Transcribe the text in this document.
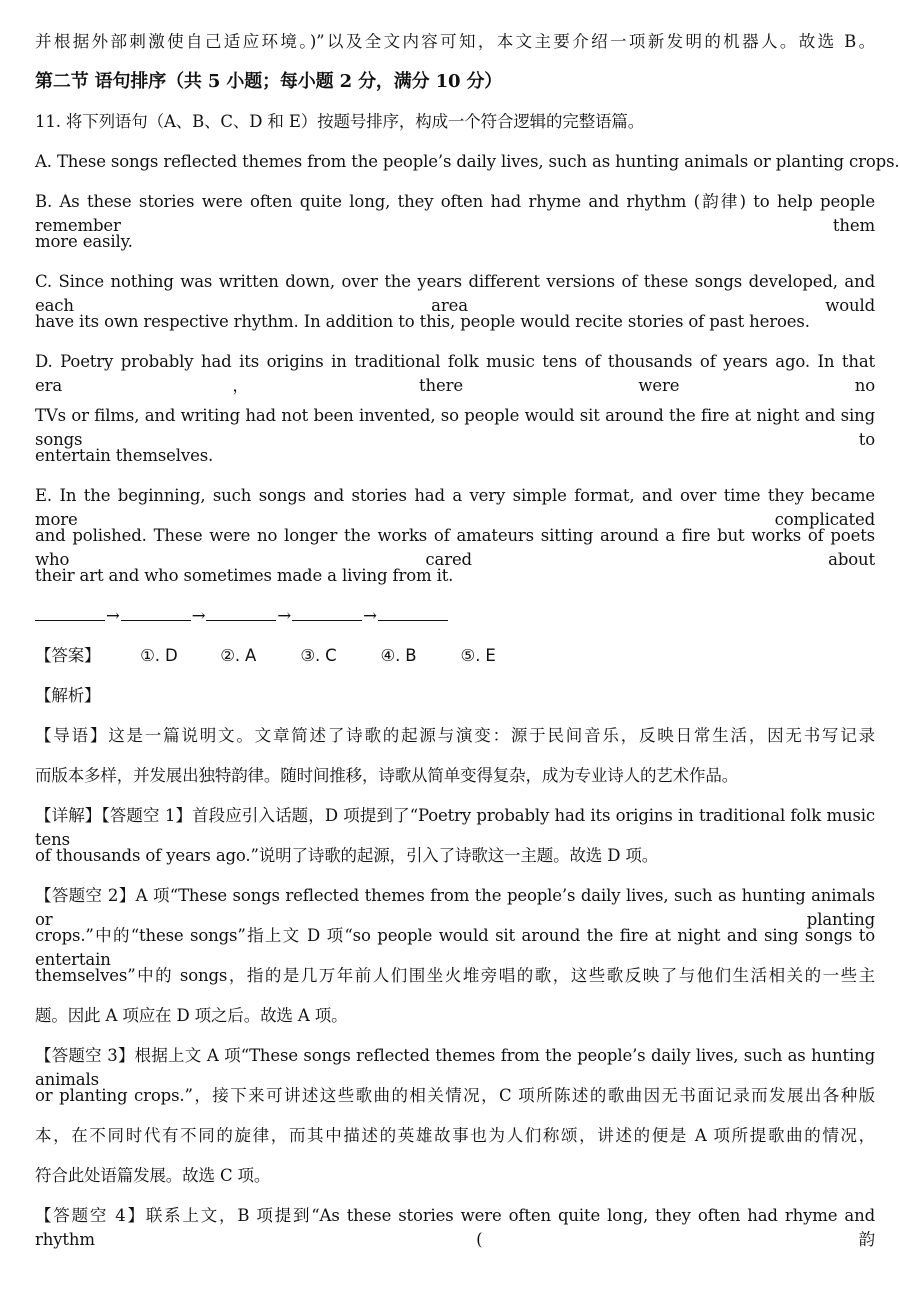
并根据外部刺激使自己适应环境。)”以及全文内容可知，本文主要介绍一项新发明的机器人。故选 B。
第二节 语句排序（共 5 小题；每小题 2 分，满分 10 分）
11. 将下列语句（A、B、C、D 和 E）按题号排序，构成一个符合逻辑的完整语篇。
A. These songs reflected themes from the people’s daily lives, such as hunting animals or planting crops.
B. As these stories were often quite long, they often had rhyme and rhythm (韵律) to help people remember them
more easily.
C. Since nothing was written down, over the years different versions of these songs developed, and each area would
have its own respective rhythm. In addition to this, people would recite stories of past heroes.
D. Poetry probably had its origins in traditional folk music tens of thousands of years ago. In that era，there were no
TVs or films, and writing had not been invented, so people would sit around the fire at night and sing songs to
entertain themselves.
E. In the beginning, such songs and stories had a very simple format, and over time they became more complicated
and polished. These were no longer the works of amateurs sitting around a fire but works of poets who cared about
their art and who sometimes made a living from it.
→	→	→	→
【答案】 ①. D	②. A	③. C	④. B	⑤. E
【解析】
【导语】这是一篇说明文。文章简述了诗歌的起源与演变：源于民间音乐，反映日常生活，因无书写记录
而版本多样，并发展出独特韵律。随时间推移，诗歌从简单变得复杂，成为专业诗人的艺术作品。
【详解】【答题空 1】首段应引入话题，D 项提到了“Poetry probably had its origins in traditional folk music tens
of thousands of years ago.”说明了诗歌的起源，引入了诗歌这一主题。故选 D 项。
【答题空 2】A 项“These songs reflected themes from the people’s daily lives, such as hunting animals or planting
crops.”中的“these songs”指上文 D 项“so people would sit around the fire at night and sing songs to entertain
themselves”中的 songs，指的是几万年前人们围坐火堆旁唱的歌，这些歌反映了与他们生活相关的一些主
题。因此 A 项应在 D 项之后。故选 A 项。
【答题空 3】根据上文 A 项“These songs reflected themes from the people’s daily lives, such as hunting animals
or planting crops.”，接下来可讲述这些歌曲的相关情况，C 项所陈述的歌曲因无书面记录而发展出各种版
本，在不同时代有不同的旋律，而其中描述的英雄故事也为人们称颂，讲述的便是 A 项所提歌曲的情况，
符合此处语篇发展。故选 C 项。
【答题空 4】联系上文，B 项提到“As these stories were often quite long, they often had rhyme and rhythm (韵
